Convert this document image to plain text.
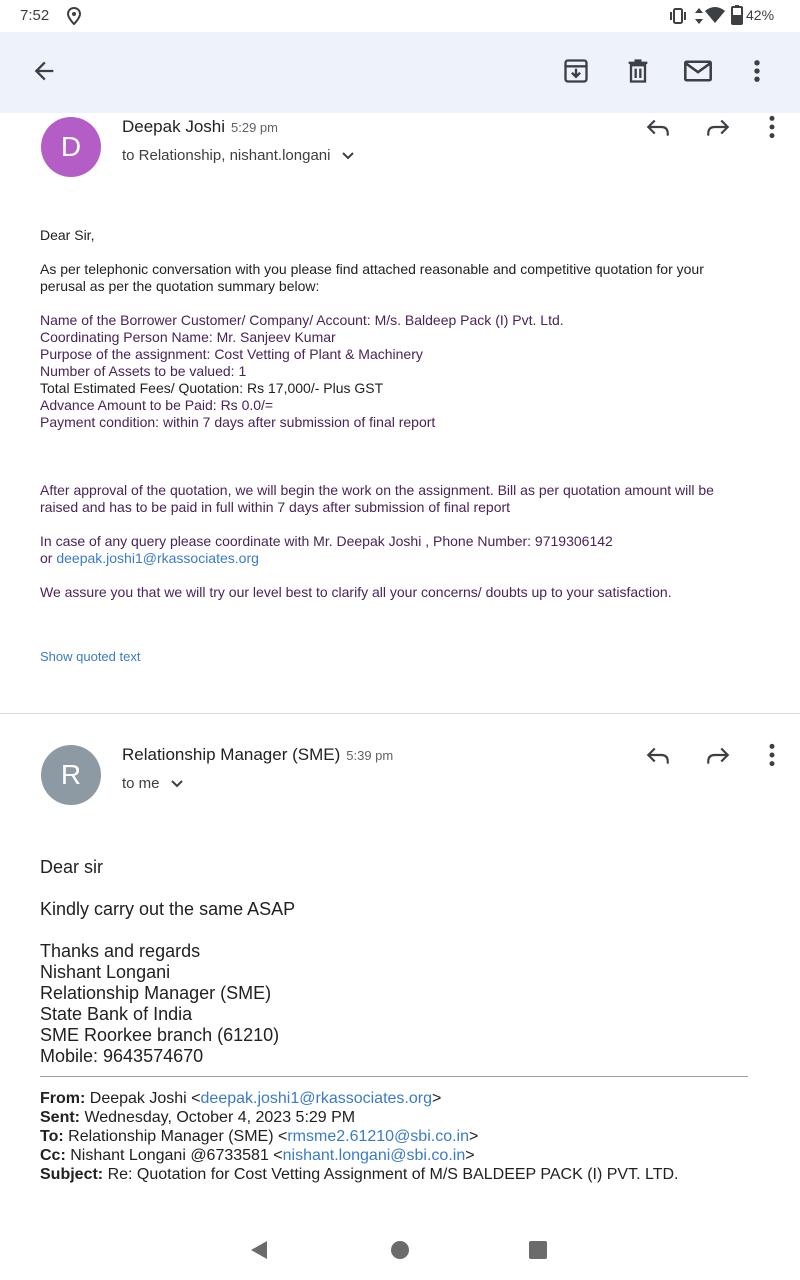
7:52	42%
D
Deepak Joshi 5:29 pm
to Relationship, nishant.longani
Dear Sir,
As per telephonic conversation with you please find attached reasonable and competitive quotation for your
perusal as per the quotation summary below:
Name of the Borrower Customer/ Company/ Account: M/s. Baldeep Pack (I) Pvt. Ltd.
Coordinating Person Name: Mr. Sanjeev Kumar
Purpose of the assignment: Cost Vetting of Plant & Machinery
Number of Assets to be valued: 1
Total Estimated Fees/ Quotation: Rs 17,000/- Plus GST
Advance Amount to be Paid: Rs 0.0/=
Payment condition: within 7 days after submission of final report
After approval of the quotation, we will begin the work on the assignment. Bill as per quotation amount will be
raised and has to be paid in full within 7 days after submission of final report
In case of any query please coordinate with Mr. Deepak Joshi , Phone Number: 9719306142
or deepak.joshi1@rkassociates.org
We assure you that we will try our level best to clarify all your concerns/ doubts up to your satisfaction.
Show quoted text
R
Relationship Manager (SME) 5:39 pm
to me
Dear sir
Kindly carry out the same ASAP
Thanks and regards
Nishant Longani
Relationship Manager (SME)
State Bank of India
SME Roorkee branch (61210)
Mobile: 9643574670
From: Deepak Joshi <deepak.joshi1@rkassociates.org>
Sent: Wednesday, October 4, 2023 5:29 PM
To: Relationship Manager (SME) <rmsme2.61210@sbi.co.in>
Cc: Nishant Longani @6733581 <nishant.longani@sbi.co.in>
Subject: Re: Quotation for Cost Vetting Assignment of M/S BALDEEP PACK (I) PVT. LTD.
